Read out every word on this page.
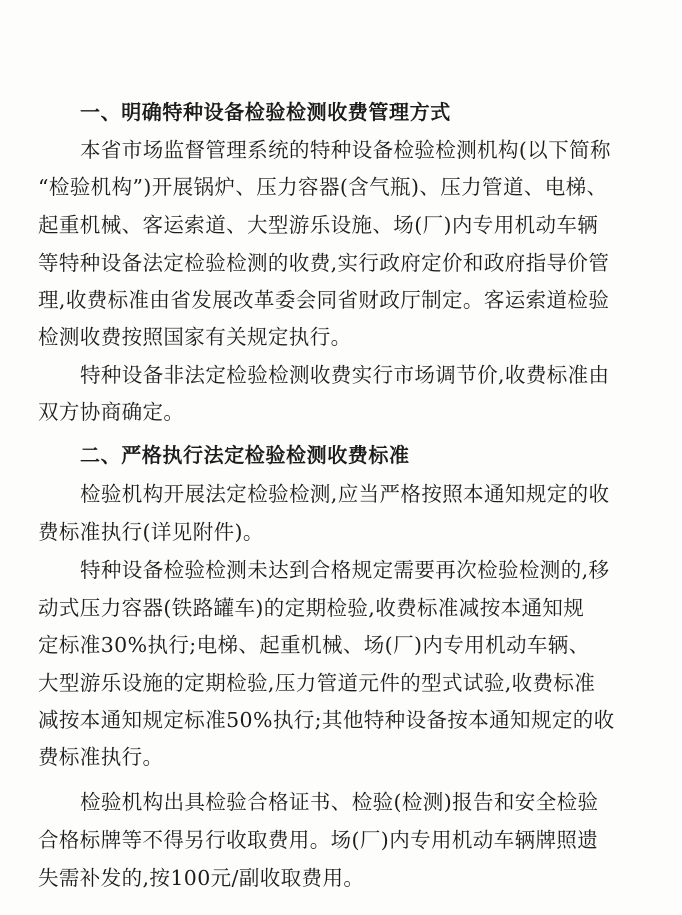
一、明确特种设备检验检测收费管理方式
本省市场监督管理系统的特种设备检验检测机构(以下简称
“检验机构”)开展锅炉、压力容器(含气瓶)、压力管道、电梯、
起重机械、客运索道、大型游乐设施、场(厂)内专用机动车辆
等特种设备法定检验检测的收费,实行政府定价和政府指导价管
理,收费标准由省发展改革委会同省财政厅制定。客运索道检验
检测收费按照国家有关规定执行。
特种设备非法定检验检测收费实行市场调节价,收费标准由
双方协商确定。
二、严格执行法定检验检测收费标准
检验机构开展法定检验检测,应当严格按照本通知规定的收
费标准执行(详见附件)。
特种设备检验检测未达到合格规定需要再次检验检测的,移
动式压力容器(铁路罐车)的定期检验,收费标准减按本通知规
定标准30%执行;电梯、起重机械、场(厂)内专用机动车辆、
大型游乐设施的定期检验,压力管道元件的型式试验,收费标准
减按本通知规定标准50%执行;其他特种设备按本通知规定的收
费标准执行。
检验机构出具检验合格证书、检验(检测)报告和安全检验
合格标牌等不得另行收取费用。场(厂)内专用机动车辆牌照遗
失需补发的,按100元/副收取费用。
